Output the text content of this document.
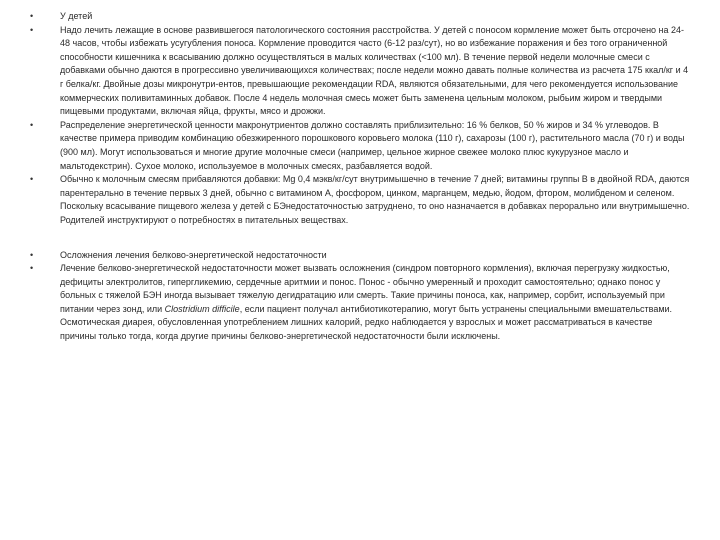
•	У детей
•	Надо лечить лежащие в основе развившегося патологического состояния расстройства. У детей с поносом кормление может быть отсрочено на 24- 48 часов, чтобы избежать усугубления поноса. Кормление проводится часто (6-12 раз/сут), но во избежание поражения и без того ограниченной способности кишечника к всасыванию должно осуществляться в малых количествах (<100 мл). В течение первой недели молочные смеси с добавками обычно даются в прогрессивно увеличивающихся количествах; после недели можно давать полные количества из расчета 175 ккал/кг и 4 г белка/кг. Двойные дозы микронутри-ентов, превышающие рекомендации RDA, являются обязательными, для чего рекомендуется использование коммерческих поливитаминных добавок. После 4 недель молочная смесь может быть заменена цельным молоком, рыбьим жиром и твердыми пищевыми продуктами, включая яйца, фрукты, мясо и дрожжи.
•	Распределение энергетической ценности макронутриентов должно составлять приблизительно: 16 % белков, 50 % жиров и 34 % углеводов. В качестве примера приводим комбинацию обезжиренного порошкового коровьего молока (110 г), сахарозы (100 г), растительного масла (70 г) и воды (900 мл). Могут использоваться и многие другие молочные смеси (например, цельное жирное свежее молоко плюс кукурузное масло и мальтодекстрин). Сухое молоко, используемое в молочных смесях, разбавляется водой.
•	Обычно к молочным смесям прибавляются добавки: Mg 0,4 мэкв/кг/сут внутримышечно в течение 7 дней; витамины группы В в двойной RDA, даются парентерально в течение первых 3 дней, обычно с витамином А, фосфором, цинком, марганцем, медью, йодом, фтором, молибденом и селеном. Поскольку всасывание пищевого железа у детей с БЭнедостаточностью затруднено, то оно назначается в добавках перорально или внутримышечно. Родителей инструктируют о потребностях в питательных веществах.
•	Осложнения лечения белково-энергетической недостаточности
•	Лечение белково-энергетической недостаточности может вызвать осложнения (синдром повторного кормления), включая перегрузку жидкостью, дефициты электролитов, гипергликемию, сердечные аритмии и понос. Понос - обычно умеренный и проходит самостоятельно; однако понос у больных с тяжелой БЭН иногда вызывает тяжелую дегидратацию или смерть. Такие причины поноса, как, например, сорбит, используемый при питании через зонд, или Clostridium difficile, если пациент получал антибиотикотерапию, могут быть устранены специальными вмешательствами. Осмотическая диарея, обусловленная употреблением лишних калорий, редко наблюдается у взрослых и может рассматриваться в качестве причины только тогда, когда другие причины белково-энергетической недостаточности были исключены.
